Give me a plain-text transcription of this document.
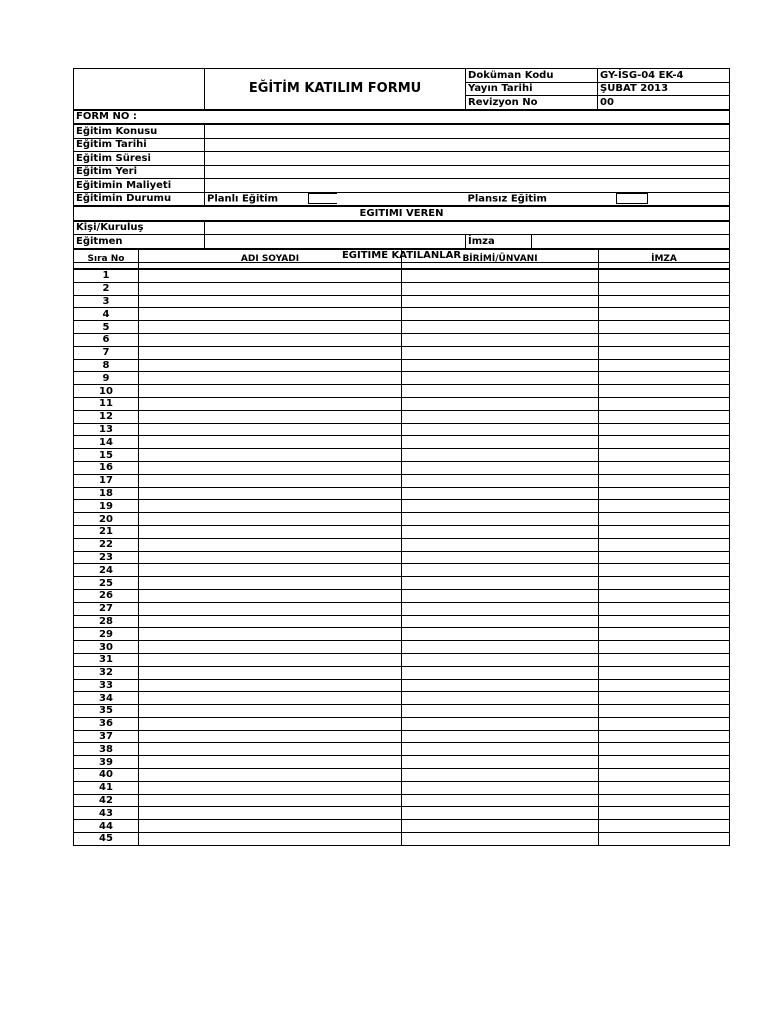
	EĞİTİM KATILIM FORMU		Doküman Kodu		GY-İSG-04 EK-4
			Yayın Tarihi		ŞUBAT 2013
			Revizyon No		00
FORM NO :					
Eğitim Konusu					
Eğitim Tarihi					
Eğitim Süresi					
Eğitim Yeri					
Eğitimin Maliyeti					
Eğitimin Durumu	Planlı Eğitim		Plansız Eğitim		
EGITIMI VEREN					
Kişi/Kuruluş					
Eğitmen			İmza		
EĞİTİME KATILANLAR					
Sıra No	ADI SOYADI	BİRİMİ/ÜNVANI	İMZA
1			
2			
3			
4			
5			
6			
7			
8			
9			
10			
11			
12			
13			
14			
15			
16			
17			
18			
19			
20			
21			
22			
23			
24			
25			
26			
27			
28			
29			
30			
31			
32			
33			
34			
35			
36			
37			
38			
39			
40			
41			
42			
43			
44			
45			
